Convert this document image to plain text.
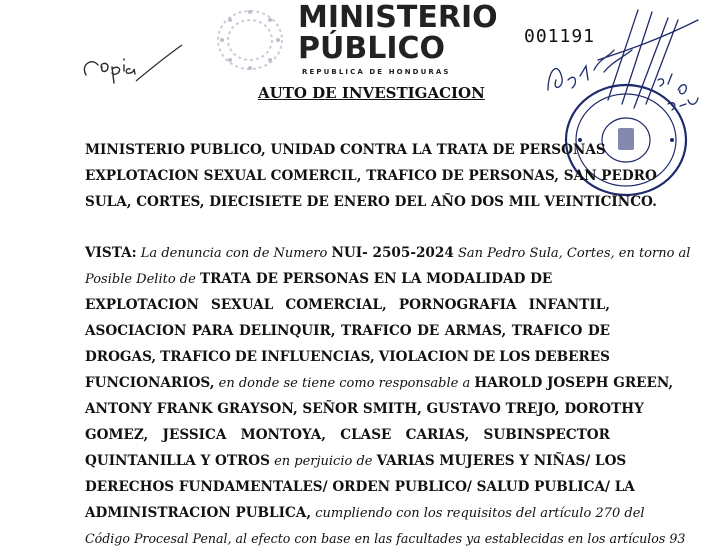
MINISTERIO
PÚBLICO
REPUBLICA DE HONDURAS
001191
AUTO DE INVESTIGACION
MINISTERIO PUBLICO, UNIDAD CONTRA LA TRATA DE PERSONAS
EXPLOTACION SEXUAL COMERCIL, TRAFICO DE PERSONAS, SAN PEDRO
SULA, CORTES, DIECISIETE DE ENERO DEL AÑO DOS MIL VEINTICINCO.
VISTA: La denuncia con de Numero NUI- 2505-2024 San Pedro Sula, Cortes, en torno al
Posible Delito de TRATA DE PERSONAS EN LA MODALIDAD DE
EXPLOTACION SEXUAL COMERCIAL, PORNOGRAFIA INFANTIL,
ASOCIACION PARA DELINQUIR, TRAFICO DE ARMAS, TRAFICO DE
DROGAS, TRAFICO DE INFLUENCIAS, VIOLACION DE LOS DEBERES
FUNCIONARIOS, en donde se tiene como responsable a HAROLD JOSEPH GREEN,
ANTONY FRANK GRAYSON, SEÑOR SMITH, GUSTAVO TREJO, DOROTHY
GOMEZ, JESSICA MONTOYA, CLASE CARIAS, SUBINSPECTOR
QUINTANILLA Y OTROS en perjuicio de VARIAS MUJERES Y NIÑAS/ LOS
DERECHOS FUNDAMENTALES/ ORDEN PUBLICO/ SALUD PUBLICA/ LA
ADMINISTRACION PUBLICA, cumpliendo con los requisitos del artículo 270 del
Código Procesal Penal, al efecto con base en las facultades ya establecidas en los artículos 93
